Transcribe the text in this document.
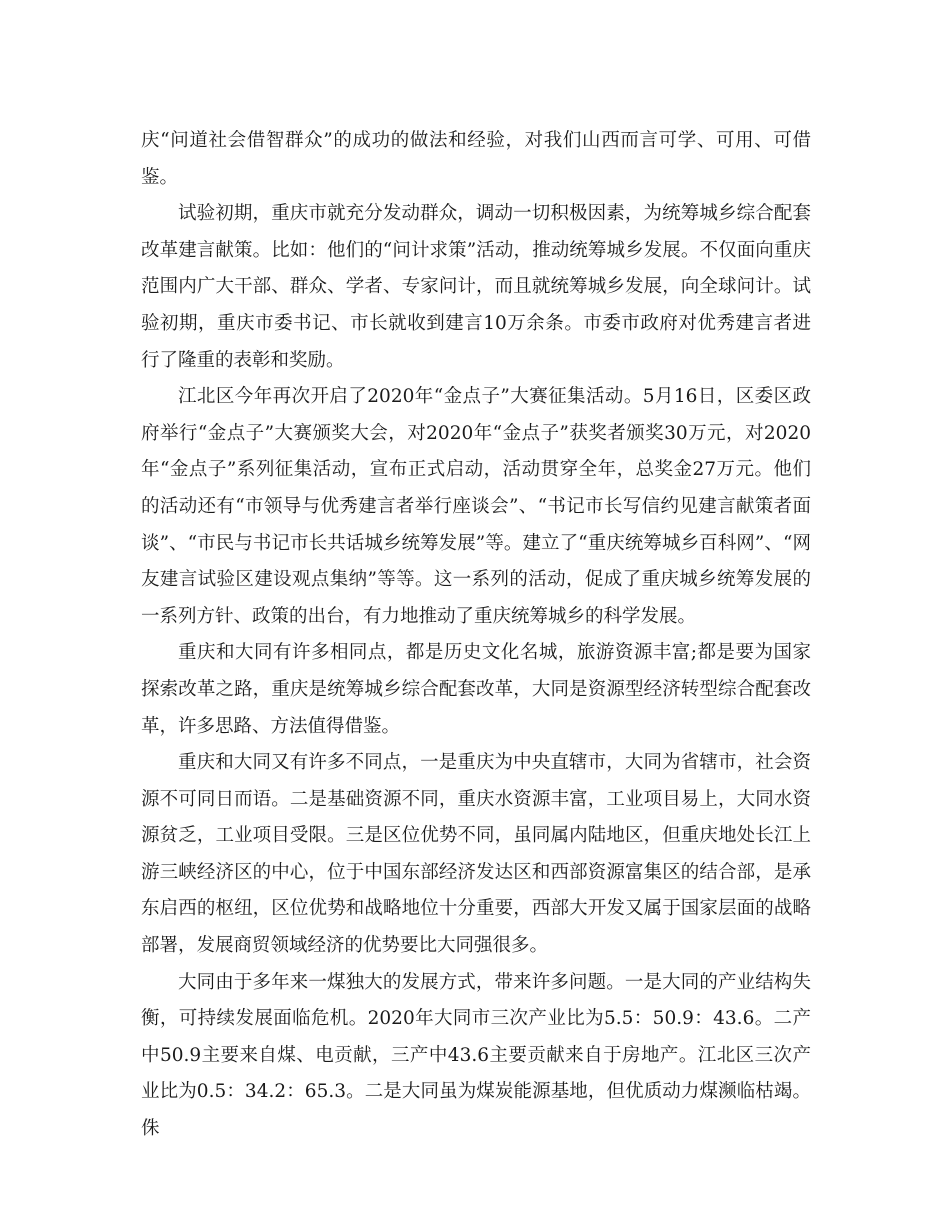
庆“问道社会借智群众”的成功的做法和经验，对我们山西而言可学、可用、可借鉴。

试验初期，重庆市就充分发动群众，调动一切积极因素，为统筹城乡综合配套改革建言献策。比如：他们的“问计求策”活动，推动统筹城乡发展。不仅面向重庆范围内广大干部、群众、学者、专家问计，而且就统筹城乡发展，向全球问计。试验初期，重庆市委书记、市长就收到建言10万余条。市委市政府对优秀建言者进行了隆重的表彰和奖励。

江北区今年再次开启了2020年“金点子”大赛征集活动。5月16日，区委区政府举行“金点子”大赛颁奖大会，对2020年“金点子”获奖者颁奖30万元，对2020年“金点子”系列征集活动，宣布正式启动，活动贯穿全年，总奖金27万元。他们的活动还有“市领导与优秀建言者举行座谈会”、“书记市长写信约见建言献策者面谈”、“市民与书记市长共话城乡统筹发展”等。建立了“重庆统筹城乡百科网”、“网友建言试验区建设观点集纳”等等。这一系列的活动，促成了重庆城乡统筹发展的一系列方针、政策的出台，有力地推动了重庆统筹城乡的科学发展。

重庆和大同有许多相同点，都是历史文化名城，旅游资源丰富;都是要为国家探索改革之路，重庆是统筹城乡综合配套改革，大同是资源型经济转型综合配套改革，许多思路、方法值得借鉴。

重庆和大同又有许多不同点，一是重庆为中央直辖市，大同为省辖市，社会资源不可同日而语。二是基础资源不同，重庆水资源丰富，工业项目易上，大同水资源贫乏，工业项目受限。三是区位优势不同，虽同属内陆地区，但重庆地处长江上游三峡经济区的中心，位于中国东部经济发达区和西部资源富集区的结合部，是承东启西的枢纽，区位优势和战略地位十分重要，西部大开发又属于国家层面的战略部署，发展商贸领域经济的优势要比大同强很多。

大同由于多年来一煤独大的发展方式，带来许多问题。一是大同的产业结构失衡，可持续发展面临危机。2020年大同市三次产业比为5.5：50.9：43.6。二产中50.9主要来自煤、电贡献，三产中43.6主要贡献来自于房地产。江北区三次产业比为0.5：34.2：65.3。二是大同虽为煤炭能源基地，但优质动力煤濒临枯竭。侏
